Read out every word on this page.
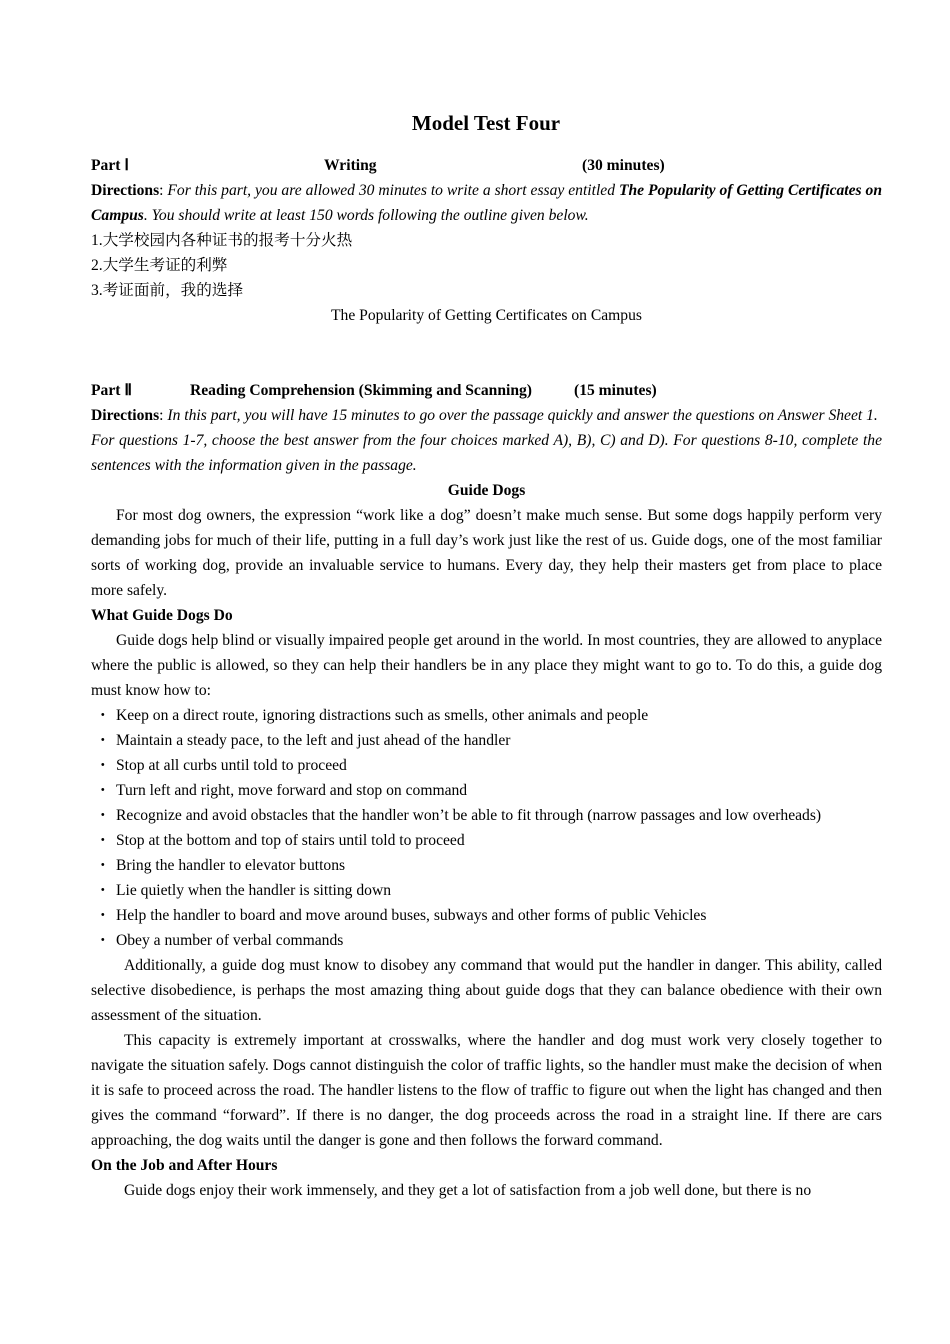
Model Test Four
Part Ⅰ	Writing	(30 minutes)
Directions: For this part, you are allowed 30 minutes to write a short essay entitled The Popularity of Getting Certificates on Campus. You should write at least 150 words following the outline given below.
1.大学校园内各种证书的报考十分火热
2.大学生考证的利弊
3.考证面前，我的选择
The Popularity of Getting Certificates on Campus
Part Ⅱ	Reading Comprehension (Skimming and Scanning)	(15 minutes)
Directions: In this part, you will have 15 minutes to go over the passage quickly and answer the questions on Answer Sheet 1.
For questions 1-7, choose the best answer from the four choices marked A), B), C) and D). For questions 8-10, complete the sentences with the information given in the passage.
Guide Dogs
For most dog owners, the expression “work like a dog” doesn’t make much sense. But some dogs happily perform very demanding jobs for much of their life, putting in a full day’s work just like the rest of us. Guide dogs, one of the most familiar sorts of working dog, provide an invaluable service to humans. Every day, they help their masters get from place to place more safely.
What Guide Dogs Do
Guide dogs help blind or visually impaired people get around in the world. In most countries, they are allowed to anyplace where the public is allowed, so they can help their handlers be in any place they might want to go to. To do this, a guide dog must know how to:
・ Keep on a direct route, ignoring distractions such as smells, other animals and people
・ Maintain a steady pace, to the left and just ahead of the handler
・ Stop at all curbs until told to proceed
・ Turn left and right, move forward and stop on command
・ Recognize and avoid obstacles that the handler won’t be able to fit through (narrow passages and low overheads)
・ Stop at the bottom and top of stairs until told to proceed
・ Bring the handler to elevator buttons
・ Lie quietly when the handler is sitting down
・ Help the handler to board and move around buses, subways and other forms of public Vehicles
・ Obey a number of verbal commands
Additionally, a guide dog must know to disobey any command that would put the handler in danger. This ability, called selective disobedience, is perhaps the most amazing thing about guide dogs that they can balance obedience with their own assessment of the situation.
This capacity is extremely important at crosswalks, where the handler and dog must work very closely together to navigate the situation safely. Dogs cannot distinguish the color of traffic lights, so the handler must make the decision of when it is safe to proceed across the road. The handler listens to the flow of traffic to figure out when the light has changed and then gives the command “forward”. If there is no danger, the dog proceeds across the road in a straight line. If there are cars approaching, the dog waits until the danger is gone and then follows the forward command.
On the Job and After Hours
Guide dogs enjoy their work immensely, and they get a lot of satisfaction from a job well done, but there is no
